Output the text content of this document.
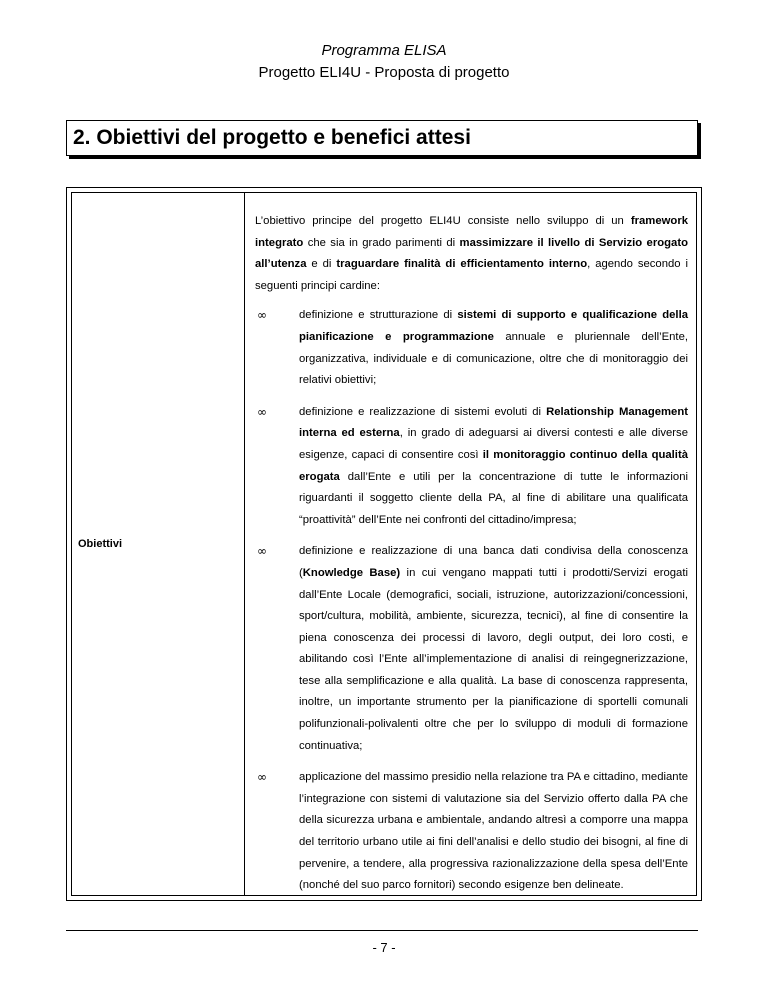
Programma ELISA
Progetto ELI4U - Proposta di progetto
2. Obiettivi del progetto e benefici attesi
Obiettivi

L’obiettivo principe del progetto ELI4U consiste nello sviluppo di un framework integrato che sia in grado parimenti di massimizzare il livello di Servizio erogato all’utenza e di traguardare finalità di efficientamento interno, agendo secondo i seguenti principi cardine:

∞	definizione e strutturazione di sistemi di supporto e qualificazione della pianificazione e programmazione annuale e pluriennale dell’Ente, organizzativa, individuale e di comunicazione, oltre che di monitoraggio dei relativi obiettivi;
∞	definizione e realizzazione di sistemi evoluti di Relationship Management interna ed esterna, in grado di adeguarsi ai diversi contesti e alle diverse esigenze, capaci di consentire così il monitoraggio continuo della qualità erogata dall’Ente e utili per la concentrazione di tutte le informazioni riguardanti il soggetto cliente della PA, al fine di abilitare una qualificata “proattività” dell’Ente nei confronti del cittadino/impresa;
∞	definizione e realizzazione di una banca dati condivisa della conoscenza (Knowledge Base) in cui vengano mappati tutti i prodotti/Servizi erogati dall’Ente Locale (demografici, sociali, istruzione, autorizzazioni/concessioni, sport/cultura, mobilità, ambiente, sicurezza, tecnici), al fine di consentire la piena conoscenza dei processi di lavoro, degli output, dei loro costi, e abilitando così l’Ente all’implementazione di analisi di reingegnerizzazione, tese alla semplificazione e alla qualità. La base di conoscenza rappresenta, inoltre, un importante strumento per la pianificazione di sportelli comunali polifunzionali-polivalenti oltre che per lo sviluppo di moduli di formazione continuativa;
∞	applicazione del massimo presidio nella relazione tra PA e cittadino, mediante l’integrazione con sistemi di valutazione sia del Servizio offerto dalla PA che della sicurezza urbana e ambientale, andando altresì a comporre una mappa del territorio urbano utile ai fini dell’analisi e dello studio dei bisogni, al fine di pervenire, a tendere, alla progressiva razionalizzazione della spesa dell’Ente (nonché del suo parco fornitori) secondo esigenze ben delineate.
- 7 -
